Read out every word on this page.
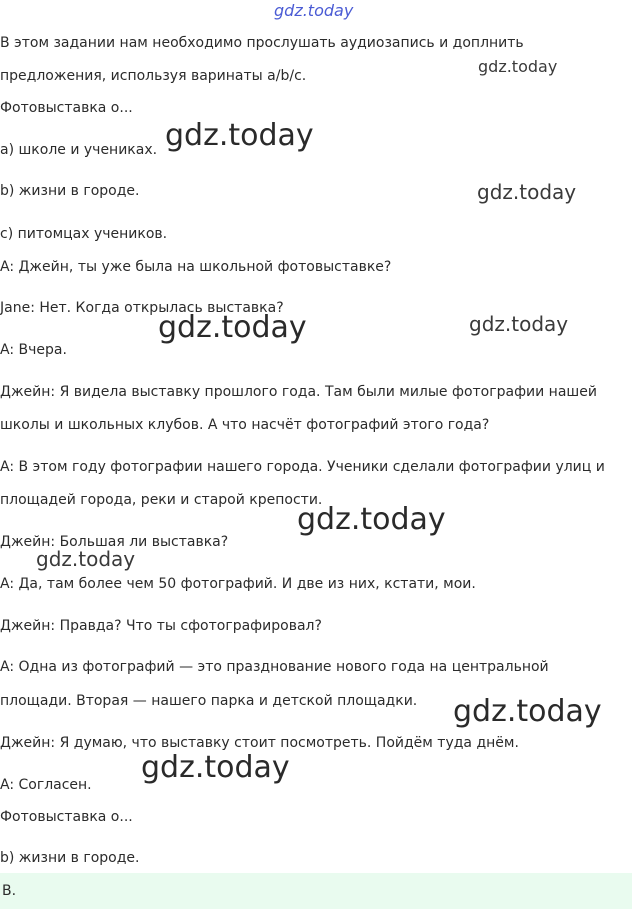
gdz.today
В этом задании нам необходимо прослушать аудиозапись и доплнить
предложения, используя варинаты a/b/c.
Фотовыставка о...
a) школе и учениках.
b) жизни в городе.
c) питомцах учеников.
A: Джейн, ты уже была на школьной фотовыставке?
Jane: Нет. Когда открылась выставка?
A: Вчера.
Джейн: Я видела выставку прошлого года. Там были милые фотографии нашей
школы и школьных клубов. А что насчёт фотографий этого года?
A: В этом году фотографии нашего города. Ученики сделали фотографии улиц и
площадей города, реки и старой крепости.
Джейн: Большая ли выставка?
A: Да, там более чем 50 фотографий. И две из них, кстати, мои.
Джейн: Правда? Что ты сфотографировал?
A: Одна из фотографий — это празднование нового года на центральной
площади. Вторая — нашего парка и детской площадки.
Джейн: Я думаю, что выставку стоит посмотреть. Пойдём туда днём.
A: Согласен.
Фотовыставка о...
b) жизни в городе.
B.
gdz.today
gdz.today
gdz.today
gdz.today	gdz.today
gdz.today
gdz.today
gdz.today
gdz.today
